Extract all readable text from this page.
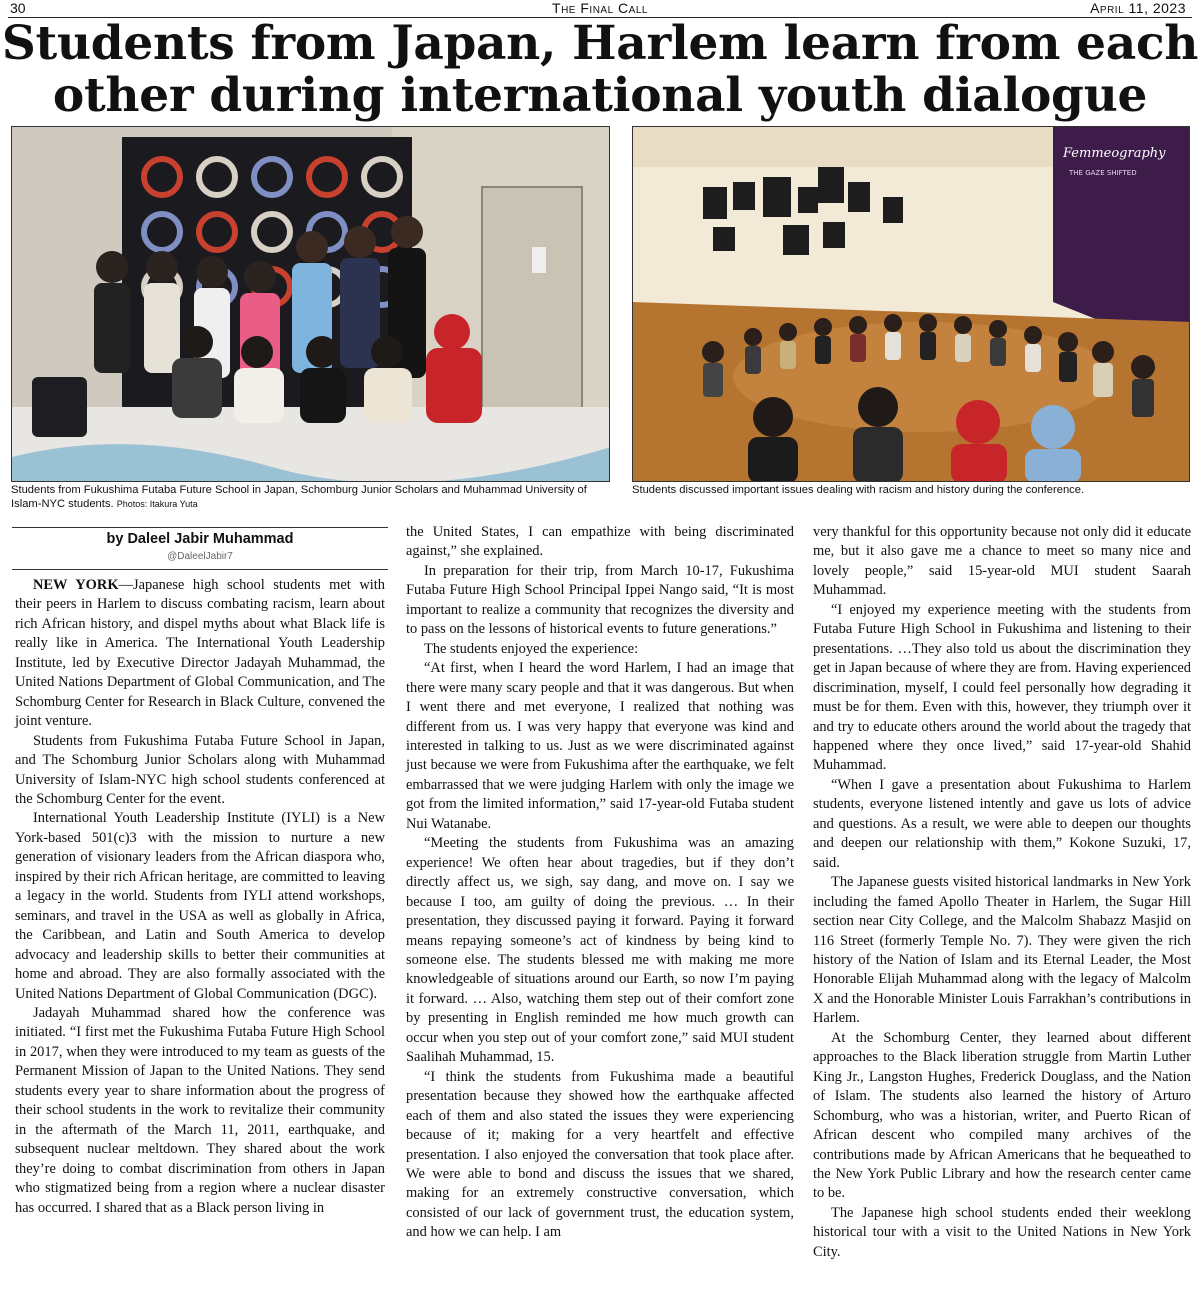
30	The Final Call	April 11, 2023
Students from Japan, Harlem learn from each
other during international youth dialogue
Femmeography
THE GAZE SHIFTED
Students from Fukushima Futaba Future School in Japan, Schomburg Junior Scholars and Muhammad University of Islam-NYC students. Photos: Itakura Yuta
Students discussed important issues dealing with racism and history during the conference.
by Daleel Jabir Muhammad
@DaleelJabir7

NEW YORK—Japanese high school students met with their peers in Harlem to discuss combating racism, learn about rich African history, and dispel myths about what Black life is really like in America. The International Youth Leadership Institute, led by Executive Director Jadayah Muhammad, the United Nations Department of Global Communication, and The Schomburg Center for Research in Black Culture, convened the joint venture.

Students from Fukushima Futaba Future School in Japan, and The Schomburg Junior Scholars along with Muhammad University of Islam-NYC high school students conferenced at the Schomburg Center for the event.

International Youth Leadership Institute (IYLI) is a New York-based 501(c)3 with the mission to nurture a new generation of visionary leaders from the African diaspora who, inspired by their rich African heritage, are committed to leaving a legacy in the world. Students from IYLI attend workshops, seminars, and travel in the USA as well as globally in Africa, the Caribbean, and Latin and South America to develop advocacy and leadership skills to better their communities at home and abroad. They are also formally associated with the United Nations Department of Global Communication (DGC).

Jadayah Muhammad shared how the conference was initiated. “I first met the Fukushima Futaba Future High School in 2017, when they were introduced to my team as guests of the Permanent Mission of Japan to the United Nations. They send students every year to share information about the progress of their school students in the work to revitalize their community in the aftermath of the March 11, 2011, earthquake, and subsequent nuclear meltdown. They shared about the work they’re doing to combat discrimination from others in Japan who stigmatized being from a region where a nuclear disaster has occurred. I shared that as a Black person living in

the United States, I can empathize with being discriminated against,” she explained.

In preparation for their trip, from March 10-17, Fukushima Futaba Future High School Principal Ippei Nango said, “It is most important to realize a community that recognizes the diversity and to pass on the lessons of historical events to future generations.”

The students enjoyed the experience:

“At first, when I heard the word Harlem, I had an image that there were many scary people and that it was dangerous. But when I went there and met everyone, I realized that nothing was different from us. I was very happy that everyone was kind and interested in talking to us. Just as we were discriminated against just because we were from Fukushima after the earthquake, we felt embarrassed that we were judging Harlem with only the image we got from the limited information,” said 17-year-old Futaba student Nui Watanabe.

“Meeting the students from Fukushima was an amazing experience! We often hear about tragedies, but if they don’t directly affect us, we sigh, say dang, and move on. I say we because I too, am guilty of doing the previous. … In their presentation, they discussed paying it forward. Paying it forward means repaying someone’s act of kindness by being kind to someone else. The students blessed me with making me more knowledgeable of situations around our Earth, so now I’m paying it forward. … Also, watching them step out of their comfort zone by presenting in English reminded me how much growth can occur when you step out of your comfort zone,” said MUI student Saalihah Muhammad, 15.

“I think the students from Fukushima made a beautiful presentation because they showed how the earthquake affected each of them and also stated the issues they were experiencing because of it; making for a very heartfelt and effective presentation. I also enjoyed the conversation that took place after. We were able to bond and discuss the issues that we shared, making for an extremely constructive conversation, which consisted of our lack of government trust, the education system, and how we can help. I am

very thankful for this opportunity because not only did it educate me, but it also gave me a chance to meet so many nice and lovely people,” said 15-year-old MUI student Saarah Muhammad.

“I enjoyed my experience meeting with the students from Futaba Future High School in Fukushima and listening to their presentations. …They also told us about the discrimination they get in Japan because of where they are from. Having experienced discrimination, myself, I could feel personally how degrading it must be for them. Even with this, however, they triumph over it and try to educate others around the world about the tragedy that happened where they once lived,” said 17-year-old Shahid Muhammad.

“When I gave a presentation about Fukushima to Harlem students, everyone listened intently and gave us lots of advice and questions. As a result, we were able to deepen our thoughts and deepen our relationship with them,” Kokone Suzuki, 17, said.

The Japanese guests visited historical landmarks in New York including the famed Apollo Theater in Harlem, the Sugar Hill section near City College, and the Malcolm Shabazz Masjid on 116 Street (formerly Temple No. 7). They were given the rich history of the Nation of Islam and its Eternal Leader, the Most Honorable Elijah Muhammad along with the legacy of Malcolm X and the Honorable Minister Louis Farrakhan’s contributions in Harlem.

At the Schomburg Center, they learned about different approaches to the Black liberation struggle from Martin Luther King Jr., Langston Hughes, Frederick Douglass, and the Nation of Islam. The students also learned the history of Arturo Schomburg, who was a historian, writer, and Puerto Rican of African descent who compiled many archives of the contributions made by African Americans that he bequeathed to the New York Public Library and how the research center came to be.

The Japanese high school students ended their weeklong historical tour with a visit to the United Nations in New York City.
